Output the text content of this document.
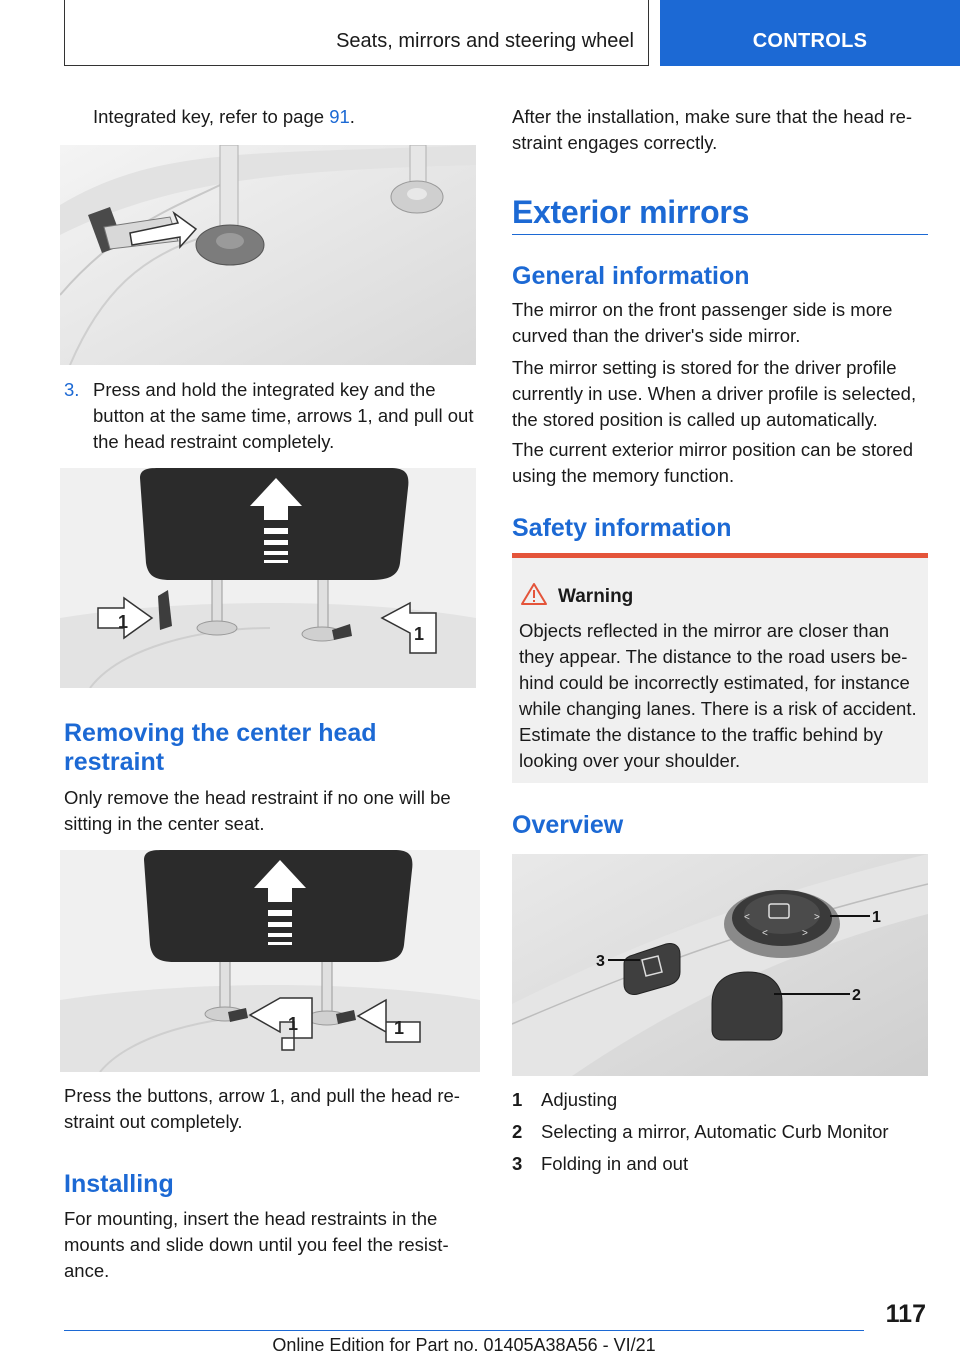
Seats, mirrors and steering wheel	CONTROLS

Integrated key, refer to page 91.

3. Press and hold the integrated key and the button at the same time, arrows 1, and pull out the head restraint completely.
1
1
Removing the center head restraint

Only remove the head restraint if no one will be sitting in the center seat.

1	1

Press the buttons, arrow 1, and pull the head restraint out completely.

Installing

For mounting, insert the head restraints in the mounts and slide down until you feel the resistance.

After the installation, make sure that the head restraint engages correctly.

Exterior mirrors
General information

The mirror on the front passenger side is more curved than the driver's side mirror.

The mirror setting is stored for the driver profile currently in use. When a driver profile is selected, the stored position is called up automatically.

The current exterior mirror position can be stored using the memory function.

Safety information
Warning

Objects reflected in the mirror are closer than they appear. The distance to the road users behind could be incorrectly estimated, for instance while changing lanes. There is a risk of accident. Estimate the distance to the traffic behind by looking over your shoulder.

Overview
<	>
<	>
1
2
3
1 Adjusting
2 Selecting a mirror, Automatic Curb Monitor
3 Folding in and out
117
Online Edition for Part no. 01405A38A56 - VI/21
